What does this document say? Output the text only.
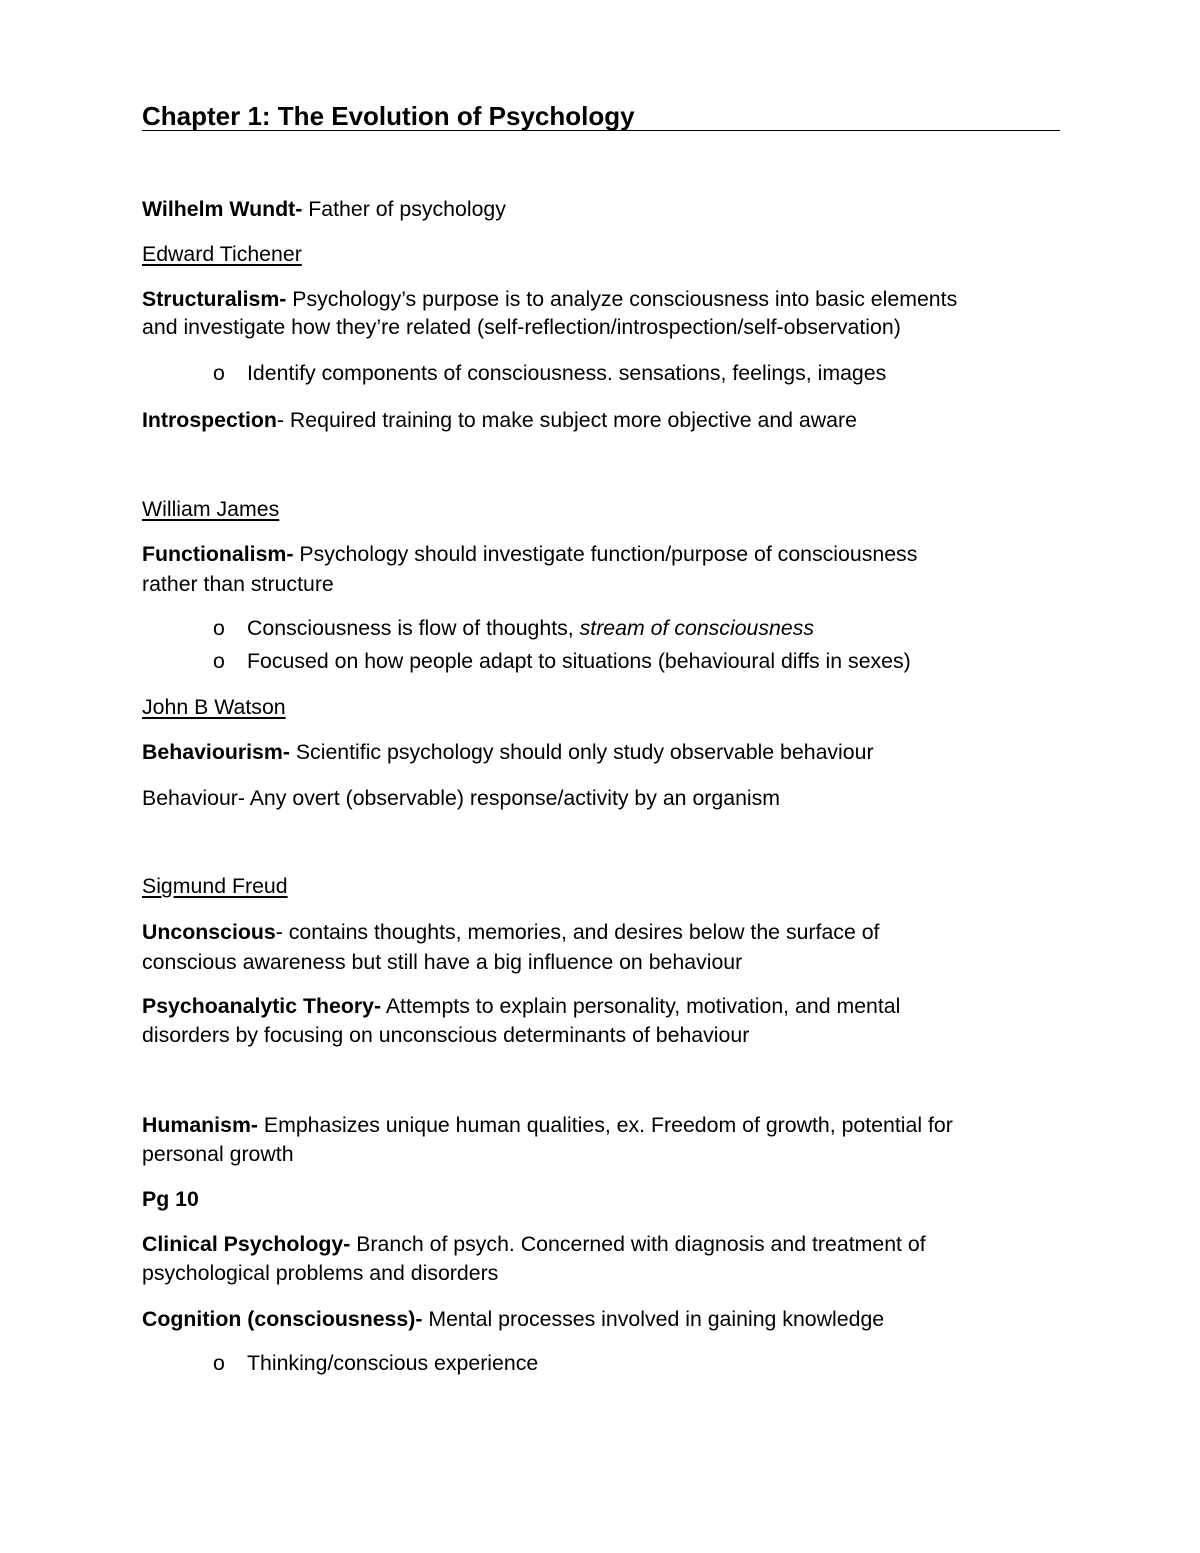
Chapter 1: The Evolution of Psychology
Wilhelm Wundt- Father of psychology
Edward Tichener
Structuralism- Psychology’s purpose is to analyze consciousness into basic elements
and investigate how they’re related (self-reflection/introspection/self-observation)
o Identify components of consciousness. sensations, feelings, images
Introspection- Required training to make subject more objective and aware
William James
Functionalism- Psychology should investigate function/purpose of consciousness
rather than structure
o Consciousness is flow of thoughts, stream of consciousness
o Focused on how people adapt to situations (behavioural diffs in sexes)
John B Watson
Behaviourism- Scientific psychology should only study observable behaviour
Behaviour- Any overt (observable) response/activity by an organism
Sigmund Freud
Unconscious- contains thoughts, memories, and desires below the surface of
conscious awareness but still have a big influence on behaviour
Psychoanalytic Theory- Attempts to explain personality, motivation, and mental
disorders by focusing on unconscious determinants of behaviour
Humanism- Emphasizes unique human qualities, ex. Freedom of growth, potential for
personal growth
Pg 10
Clinical Psychology- Branch of psych. Concerned with diagnosis and treatment of
psychological problems and disorders
Cognition (consciousness)- Mental processes involved in gaining knowledge
o Thinking/conscious experience
